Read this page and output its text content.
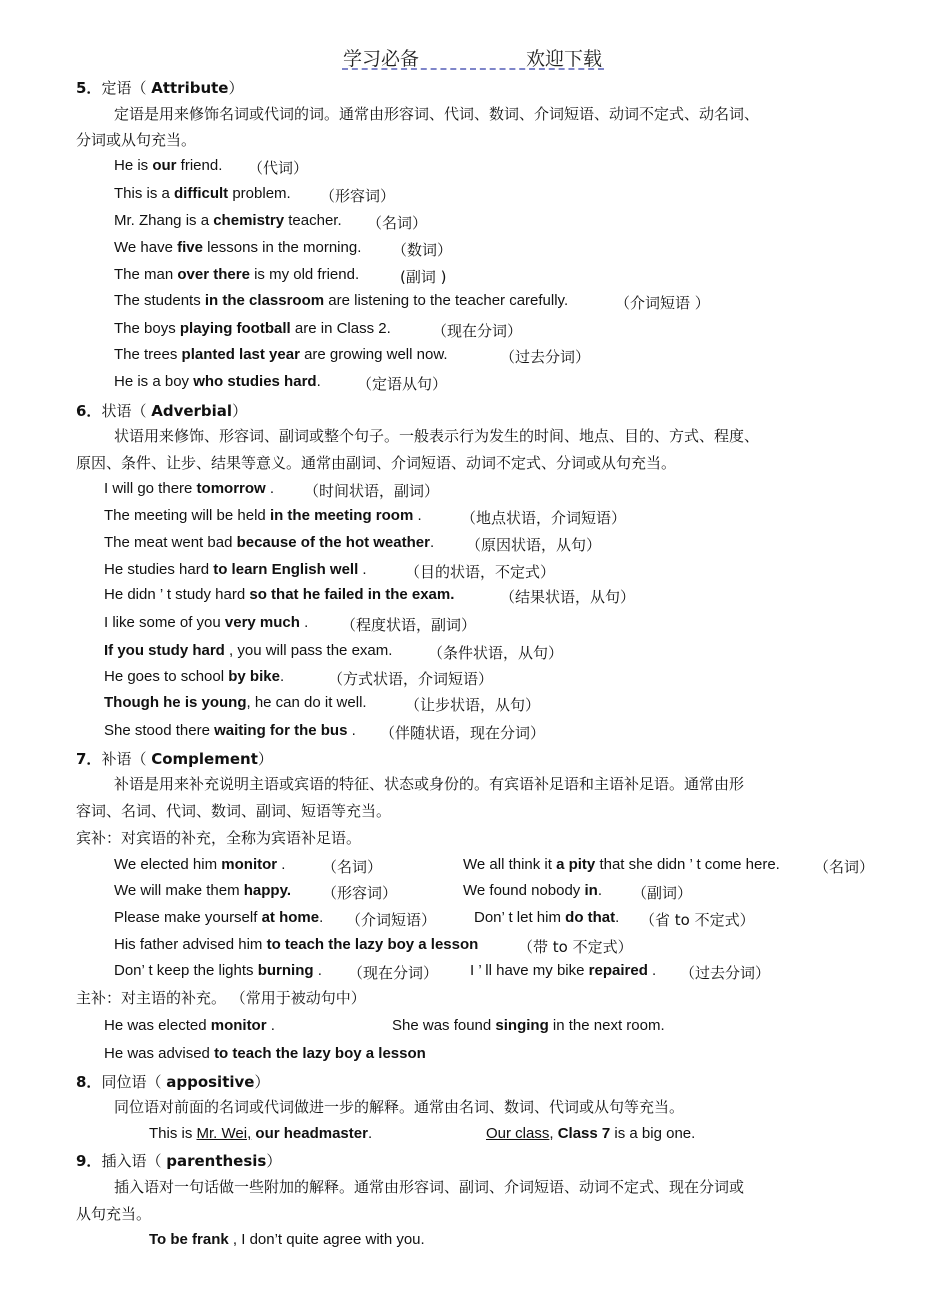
学习必备	欢迎下载
5．定语（ Attribute）
定语是用来修饰名词或代词的词。通常由形容词、代词、数词、介词短语、动词不定式、动名词、
分词或从句充当。
He is our friend. （代词）
This is a difficult problem. （形容词）
Mr. Zhang is a chemistry teacher. （名词）
We have five lessons in the morning. （数词）
The man over there is my old friend.	(副词 )
The students in the classroom are listening to the teacher carefully.	（介词短语 ）
The boys playing football are in Class 2.	（现在分词）
The trees planted last year are growing well now.	（过去分词）
He is a boy who studies hard. （定语从句）
6．状语（ Adverbial）
状语用来修饰、形容词、副词或整个句子。一般表示行为发生的时间、地点、目的、方式、程度、
原因、条件、让步、结果等意义。通常由副词、介词短语、动词不定式、分词或从句充当。
I will go there tomorrow . （时间状语，副词）
The meeting will be held in the meeting room .	（地点状语，介词短语）
The meat went bad because of the hot weather. （原因状语，从句）
He studies hard to learn English well .	（目的状语，不定式）
He didn ’ t study hard so that he failed in the exam.	（结果状语，从句）
I like some of you very much . （程度状语，副词）
If you study hard , you will pass the exam. （条件状语，从句）
He goes to school by bike.	（方式状语，介词短语）
Though he is young, he can do it well.	（让步状语，从句）
She stood there waiting for the bus . （伴随状语，现在分词）
7．补语（ Complement）
补语是用来补充说明主语或宾语的特征、状态或身份的。有宾语补足语和主语补足语。通常由形
容词、名词、代词、数词、副词、短语等充当。
宾补：对宾语的补充，全称为宾语补足语。
We elected him monitor . （名词）	We all think it a pity that she didn ’ t come here. （名词）
We will make them happy. （形容词）	We found nobody in. （副词）
Please make yourself at home. （介词短语）	Don’ t let him do that. （省 to 不定式）
His father advised him to teach the lazy boy a lesson	（带 to 不定式）
Don’ t keep the lights burning . （现在分词） I ’ ll have my bike repaired . （过去分词）
主补：对主语的补充。 （常用于被动句中）
He was elected monitor .	She was found singing in the next room.
He was advised to teach the lazy boy a lesson
8．同位语（ appositive）
同位语对前面的名词或代词做进一步的解释。通常由名词、数词、代词或从句等充当。
This is Mr. Wei, our headmaster.	Our class, Class 7 is a big one.
9．插入语（ parenthesis）
插入语对一句话做一些附加的解释。通常由形容词、副词、介词短语、动词不定式、现在分词或
从句充当。
To be frank , I don’t quite agree with you.
